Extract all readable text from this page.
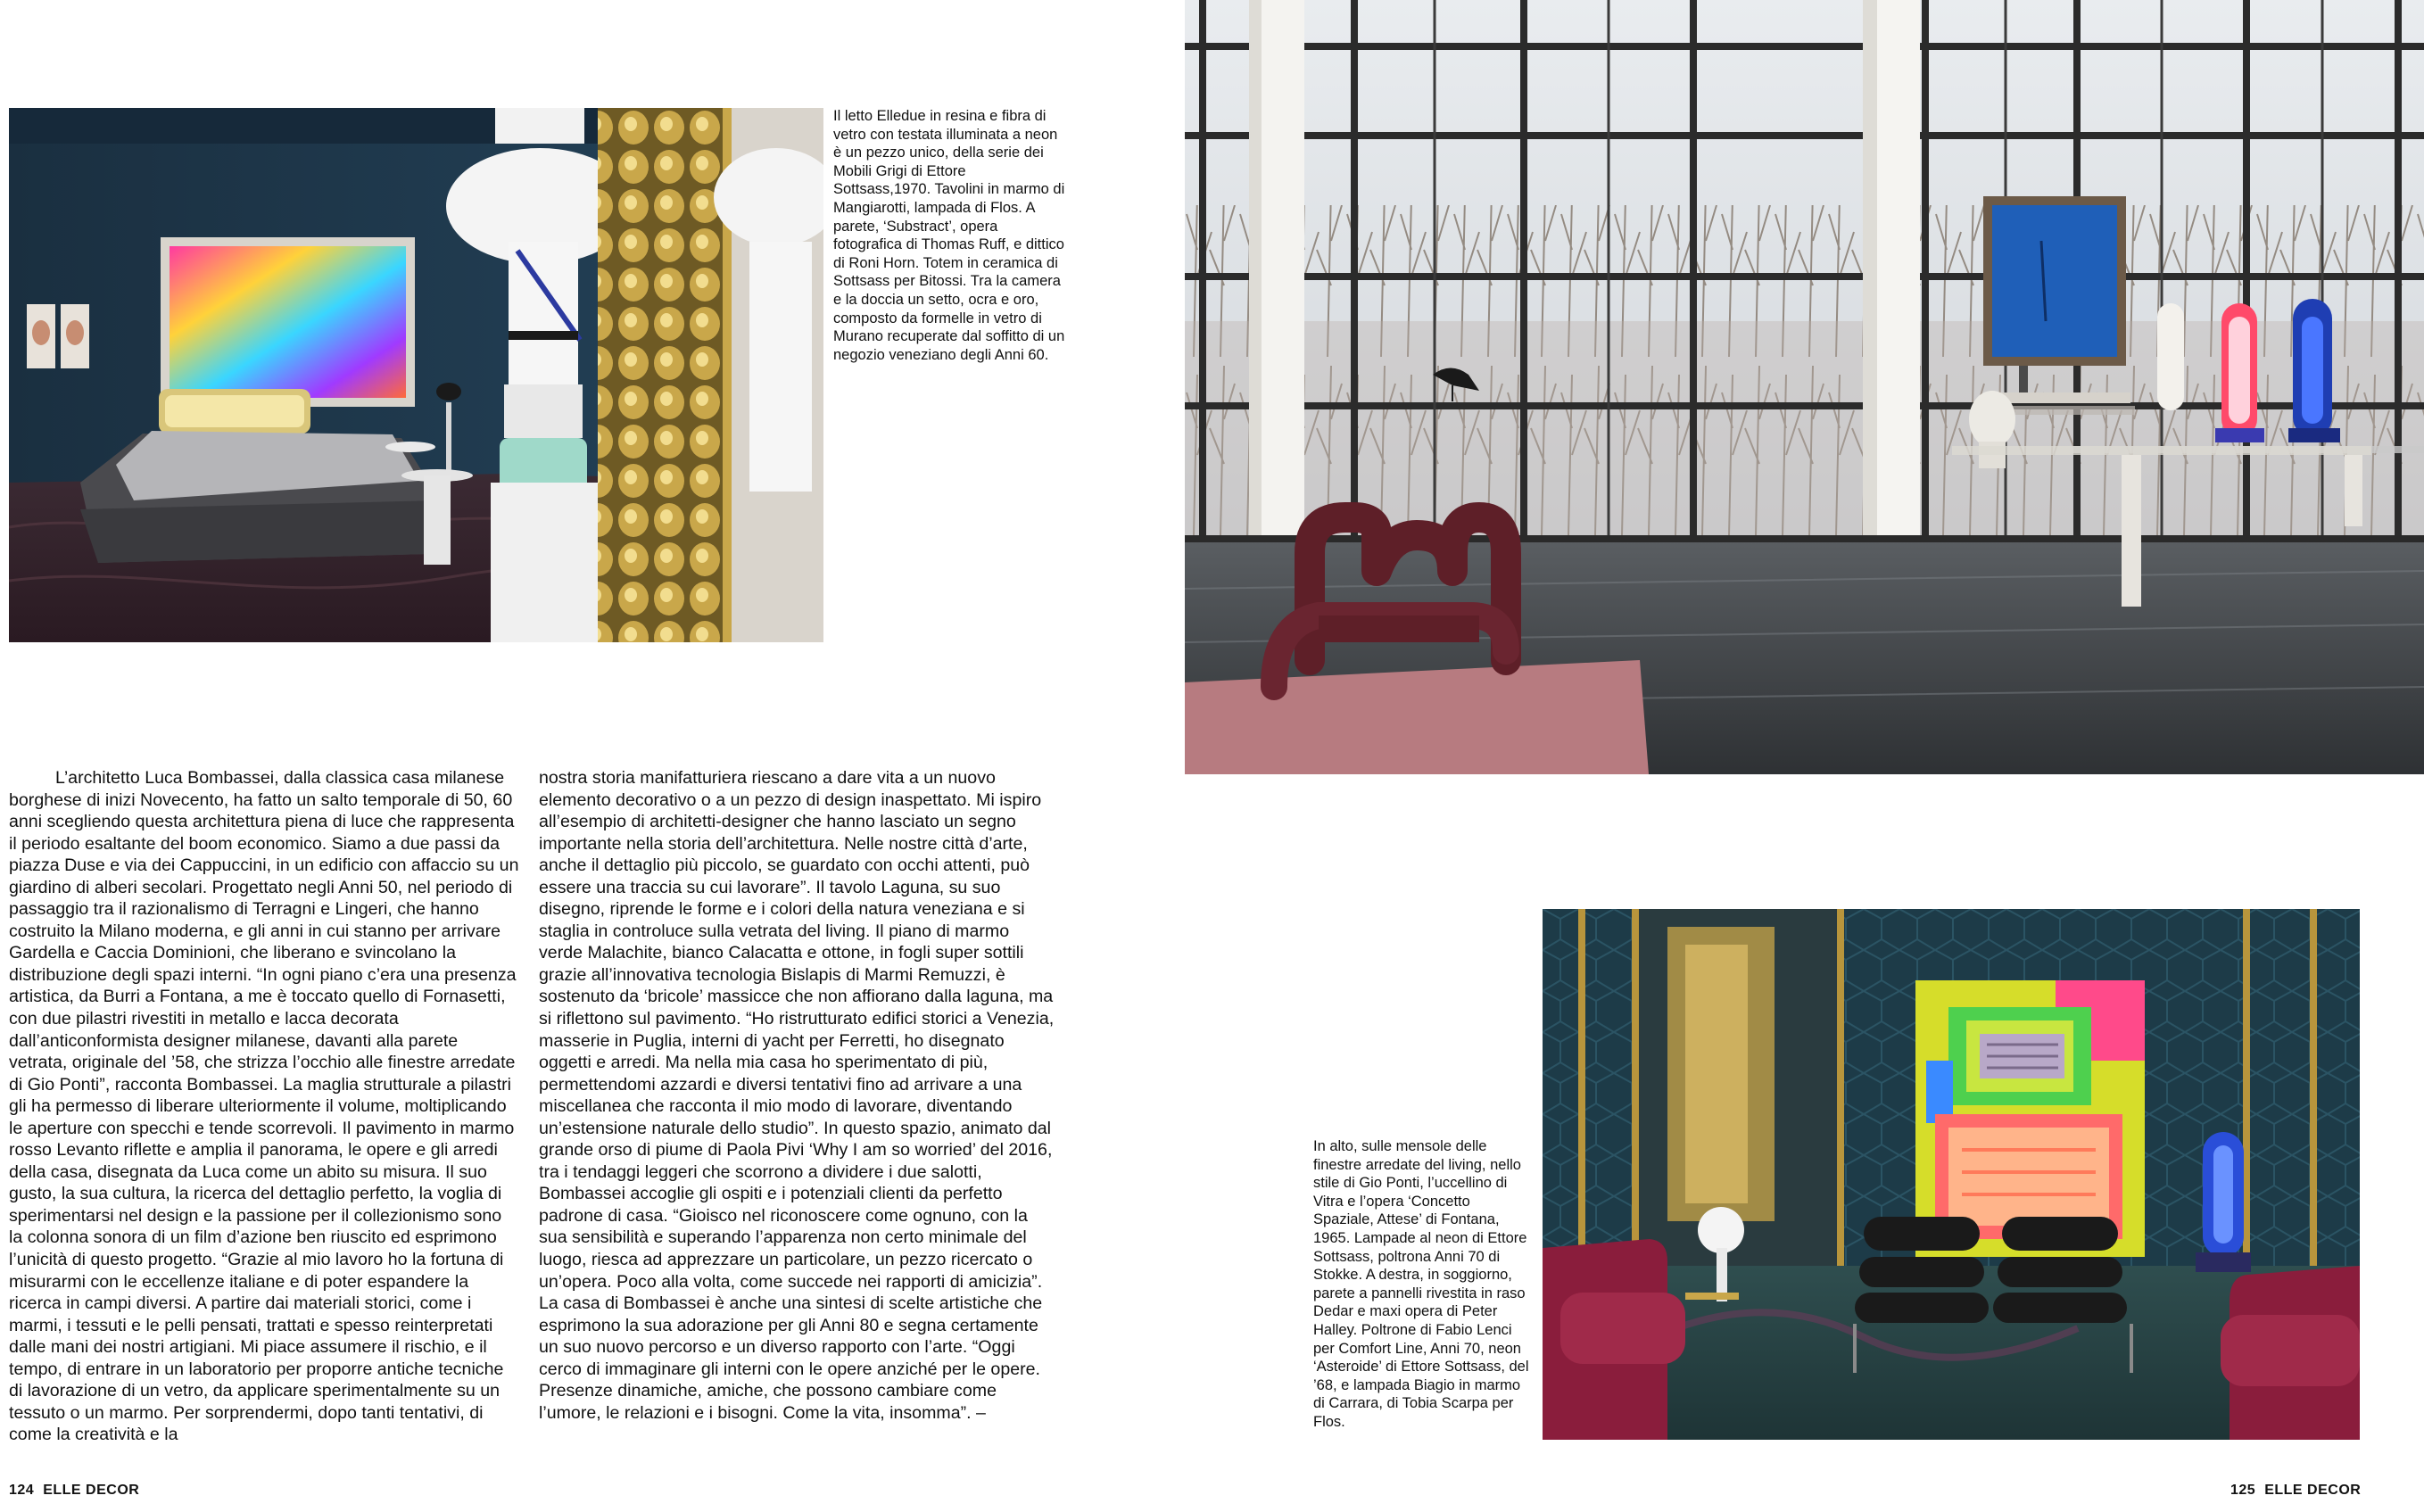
Il letto Elledue in resina e fibra di vetro con testata illuminata a neon è un pezzo unico, della serie dei Mobili Grigi di Ettore Sottsass,1970. Tavolini in marmo di Mangiarotti, lampada di Flos. A parete, ‘Substract’, opera fotografica di Thomas Ruff, e dittico di Roni Horn. Totem in ceramica di Sottsass per Bitossi. Tra la camera e la doccia un setto, ocra e oro, composto da formelle in vetro di Murano recuperate dal soffitto di un negozio veneziano degli Anni 60.

L’architetto Luca Bombassei, dalla classica casa milanese borghese di inizi Novecento, ha fatto un salto temporale di 50, 60 anni scegliendo questa architettura piena di luce che rappresenta il periodo esaltante del boom economico. Siamo a due passi da piazza Duse e via dei Cappuccini, in un edificio con affaccio su un giardino di alberi secolari. Progettato negli Anni 50, nel periodo di passaggio tra il razionalismo di Terragni e Lingeri, che hanno costruito la Milano moderna, e gli anni in cui stanno per arrivare Gardella e Caccia Dominioni, che liberano e svincolano la distribuzione degli spazi interni. “In ogni piano c’era una presenza artistica, da Burri a Fontana, a me è toccato quello di Fornasetti, con due pilastri rivestiti in metallo e lacca decorata dall’anticonformista designer milanese, davanti alla parete vetrata, originale del ’58, che strizza l’occhio alle finestre arredate di Gio Ponti”, racconta Bombassei. La maglia strutturale a pilastri gli ha permesso di liberare ulteriormente il volume, moltiplicando le aperture con specchi e tende scorrevoli. Il pavimento in marmo rosso Levanto riflette e amplia il panorama, le opere e gli arredi della casa, disegnata da Luca come un abito su misura. Il suo gusto, la sua cultura, la ricerca del dettaglio perfetto, la voglia di sperimentarsi nel design e la passione per il collezionismo sono la colonna sonora di un film d’azione ben riuscito ed esprimono l’unicità di questo progetto. “Grazie al mio lavoro ho la fortuna di misurarmi con le eccellenze italiane e di poter espandere la ricerca in campi diversi. A partire dai materiali storici, come i marmi, i tessuti e le pelli pensati, trattati e spesso reinterpretati dalle mani dei nostri artigiani. Mi piace assumere il rischio, e il tempo, di entrare in un laboratorio per proporre antiche tecniche di lavorazione di un vetro, da applicare sperimentalmente su un tessuto o un marmo. Per sorprendermi, dopo tanti tentativi, di come la creatività e la

nostra storia manifatturiera riescano a dare vita a un nuovo elemento decorativo o a un pezzo di design inaspettato. Mi ispiro all’esempio di architetti-designer che hanno lasciato un segno importante nella storia dell’architettura. Nelle nostre città d’arte, anche il dettaglio più piccolo, se guardato con occhi attenti, può essere una traccia su cui lavorare”. Il tavolo Laguna, su suo disegno, riprende le forme e i colori della natura veneziana e si staglia in controluce sulla vetrata del living. Il piano di marmo verde Malachite, bianco Calacatta e ottone, in fogli super sottili grazie all’innovativa tecnologia Bislapis di Marmi Remuzzi, è sostenuto da ‘bricole’ massicce che non affiorano dalla laguna, ma si riflettono sul pavimento. “Ho ristrutturato edifici storici a Venezia, masserie in Puglia, interni di yacht per Ferretti, ho disegnato oggetti e arredi. Ma nella mia casa ho sperimentato di più, permettendomi azzardi e diversi tentativi fino ad arrivare a una miscellanea che racconta il mio modo di lavorare, diventando un’estensione naturale dello studio”. In questo spazio, animato dal grande orso di piume di Paola Pivi ‘Why I am so worried’ del 2016, tra i tendaggi leggeri che scorrono a dividere i due salotti, Bombassei accoglie gli ospiti e i potenziali clienti da perfetto padrone di casa. “Gioisco nel riconoscere come ognuno, con la sua sensibilità e superando l’apparenza non certo minimale del luogo, riesca ad apprezzare un particolare, un pezzo ricercato o un’opera. Poco alla volta, come succede nei rapporti di amicizia”. La casa di Bombassei è anche una sintesi di scelte artistiche che esprimono la sua adorazione per gli Anni 80 e segna certamente un suo nuovo percorso e un diverso rapporto con l’arte. “Oggi cerco di immaginare gli interni con le opere anziché per le opere. Presenze dinamiche, amiche, che possono cambiare come l’umore, le relazioni e i bisogni. Come la vita, insomma”. –

In alto, sulle mensole delle finestre arredate del living, nello stile di Gio Ponti, l’uccellino di Vitra e l’opera ‘Concetto Spaziale, Attese’ di Fontana, 1965. Lampade al neon di Ettore Sottsass, poltrona Anni 70 di Stokke. A destra, in soggiorno, parete a pannelli rivestita in raso Dedar e maxi opera di Peter Halley. Poltrone di Fabio Lenci per Comfort Line, Anni 70, neon ‘Asteroide’ di Ettore Sottsass, del ’68, e lampada Biagio in marmo di Carrara, di Tobia Scarpa per Flos.
124 ELLE DECOR	125 ELLE DECOR
